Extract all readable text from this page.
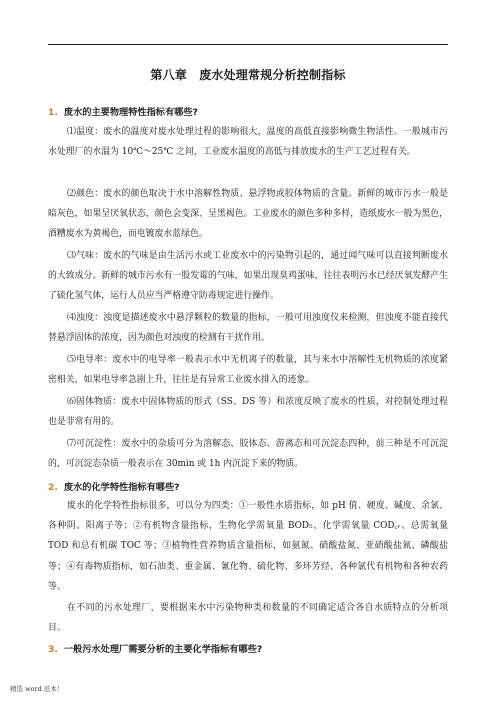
第八章　废水处理常规分析控制指标
1. 废水的主要物理特性指标有哪些?
⑴温度：废水的温度对废水处理过程的影响很大，温度的高低直接影响微生物活性。一般城市污水处理厂的水温为 10℃～25℃ 之间，工业废水温度的高低与排放废水的生产工艺过程有关。
⑵颜色：废水的颜色取决于水中溶解性物质、悬浮物或胶体物质的含量。新鲜的城市污水一般是暗灰色，如果呈厌氧状态，颜色会变深、呈黑褐色。工业废水的颜色多种多样，造纸废水一般为黑色，酒糟废水为黄褐色，而电镀废水蓝绿色。
⑶气味：废水的气味是由生活污水或工业废水中的污染物引起的，通过闻气味可以直接判断废水的大致成分。新鲜的城市污水有一股发霉的气味，如果出现臭鸡蛋味，往往表明污水已经厌氧发酵产生了硫化氢气体，运行人员应当严格遵守防毒规定进行操作。
⑷浊度：浊度是描述废水中悬浮颗粒的数量的指标，一般可用浊度仪来检测，但浊度不能直接代替悬浮固体的浓度，因为颜色对浊度的检测有干扰作用。
⑸电导率：废水中的电导率一般表示水中无机离子的数量，其与来水中溶解性无机物质的浓度紧密相关，如果电导率急剧上升，往往是有异常工业废水排入的迹象。
⑹固体物质：废水中固体物质的形式（SS、DS 等）和浓度反映了废水的性质，对控制处理过程也是非常有用的。
⑺可沉淀性：废水中的杂质可分为溶解态、胶体态、游离态和可沉淀态四种，前三种是不可沉淀的，可沉淀态杂质一般表示在 30min 或 1h 内沉淀下来的物质。
2. 废水的化学特性指标有哪些?
废水的化学特性指标很多，可以分为四类：①一般性水质指标，如 pH 值、硬度、碱度、余氯、各种阴、阳离子等；②有机物含量指标，生物化学需氧量 BOD₅、化学需氧量 COD꜀ᵣ、总需氧量 TOD 和总有机碳 TOC 等；③植物性营养物质含量指标，如氨氮、硝酸盐氮、亚硝酸盐氮、磷酸盐等；④有毒物质指标，如石油类、重金属、氰化物、硫化物、多环芳烃、各种氯代有机物和各种农药等。
在不同的污水处理厂，要根据来水中污染物种类和数量的不同确定适合各自水质特点的分析项目。
3. 一般污水处理厂需要分析的主要化学指标有哪些?
精选 word 范本！
